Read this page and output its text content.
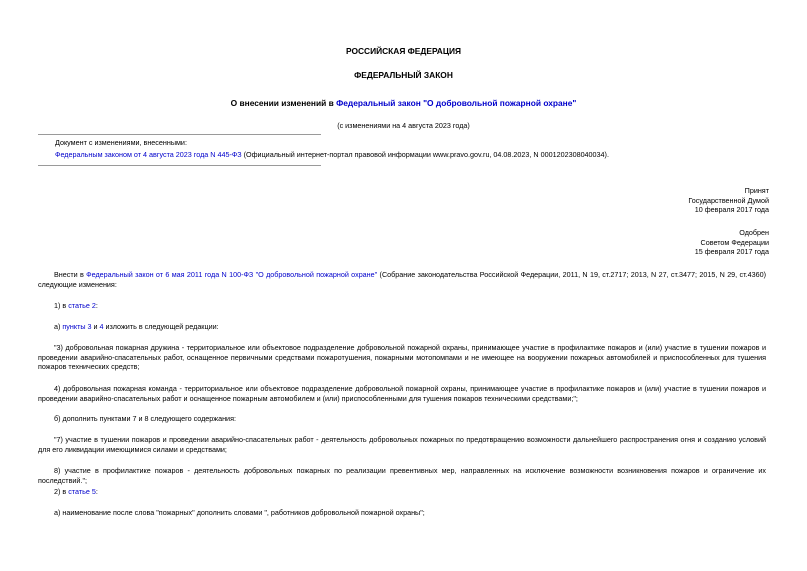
РОССИЙСКАЯ ФЕДЕРАЦИЯ
ФЕДЕРАЛЬНЫЙ ЗАКОН
О внесении изменений в Федеральный закон "О добровольной пожарной охране"
(с изменениями на 4 августа 2023 года)
Документ с изменениями, внесенными:
Федеральным законом от 4 августа 2023 года N 445-ФЗ (Официальный интернет-портал правовой информации www.pravo.gov.ru, 04.08.2023, N 0001202308040034).
Принят
Государственной Думой
10 февраля 2017 года
Одобрен
Советом Федерации
15 февраля 2017 года
Внести в Федеральный закон от 6 мая 2011 года N 100-ФЗ "О добровольной пожарной охране" (Собрание законодательства Российской Федерации, 2011, N 19, ст.2717; 2013, N 27, ст.3477; 2015, N 29, ст.4360) следующие изменения:
1) в статье 2:
а) пункты 3 и 4 изложить в следующей редакции:
"3) добровольная пожарная дружина - территориальное или объектовое подразделение добровольной пожарной охраны, принимающее участие в профилактике пожаров и (или) участие в тушении пожаров и проведении аварийно-спасательных работ, оснащенное первичными средствами пожаротушения, пожарными мотопомпами и не имеющее на вооружении пожарных автомобилей и приспособленных для тушения пожаров технических средств;
4) добровольная пожарная команда - территориальное или объектовое подразделение добровольной пожарной охраны, принимающее участие в профилактике пожаров и (или) участие в тушении пожаров и проведении аварийно-спасательных работ и оснащенное пожарным автомобилем и (или) приспособленными для тушения пожаров техническими средствами;";
б) дополнить пунктами 7 и 8 следующего содержания:
"7) участие в тушении пожаров и проведении аварийно-спасательных работ - деятельность добровольных пожарных по предотвращению возможности дальнейшего распространения огня и созданию условий для его ликвидации имеющимися силами и средствами;
8) участие в профилактике пожаров - деятельность добровольных пожарных по реализации превентивных мер, направленных на исключение возможности возникновения пожаров и ограничение их последствий.";
2) в статье 5:
а) наименование после слова "пожарных" дополнить словами ", работников добровольной пожарной охраны";
